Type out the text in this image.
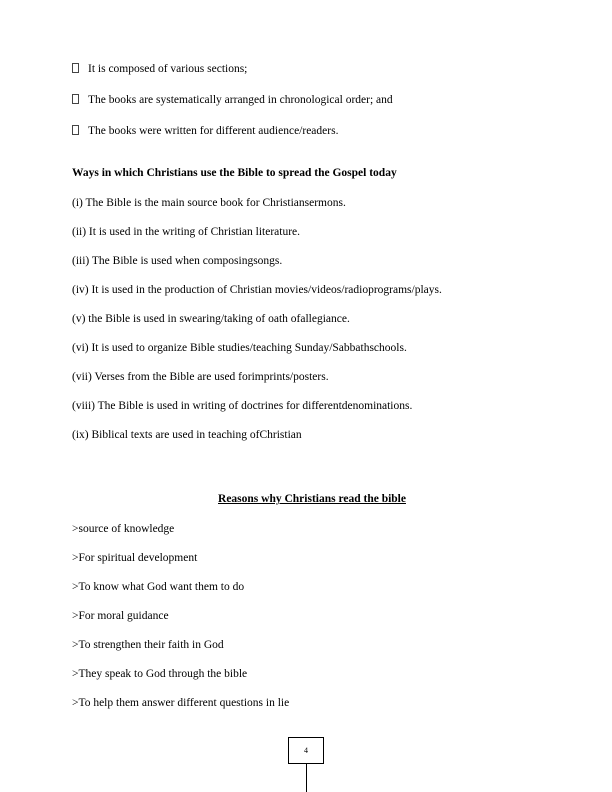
It is composed of various sections;
The books are systematically arranged in chronological order; and
The books were written for different audience/readers.
Ways in which Christians use the Bible to spread the Gospel today
(i) The Bible is the main source book for Christiansermons.
(ii) It is used in the writing of Christian literature.
(iii) The Bible is used when composingsongs.
(iv) It is used in the production of Christian movies/videos/radioprograms/plays.
(v) the Bible is used in swearing/taking of oath ofallegiance.
(vi) It is used to organize Bible studies/teaching Sunday/Sabbathschools.
(vii) Verses from the Bible are used forimprints/posters.
(viii) The Bible is used in writing of doctrines for differentdenominations.
(ix) Biblical texts are used in teaching ofChristian
Reasons why Christians read the bible
>source of knowledge
>For spiritual development
>To know what God want them to do
>For moral guidance
>To strengthen their faith in God
>They speak to God through the bible
>To help them answer different questions in lie
4
